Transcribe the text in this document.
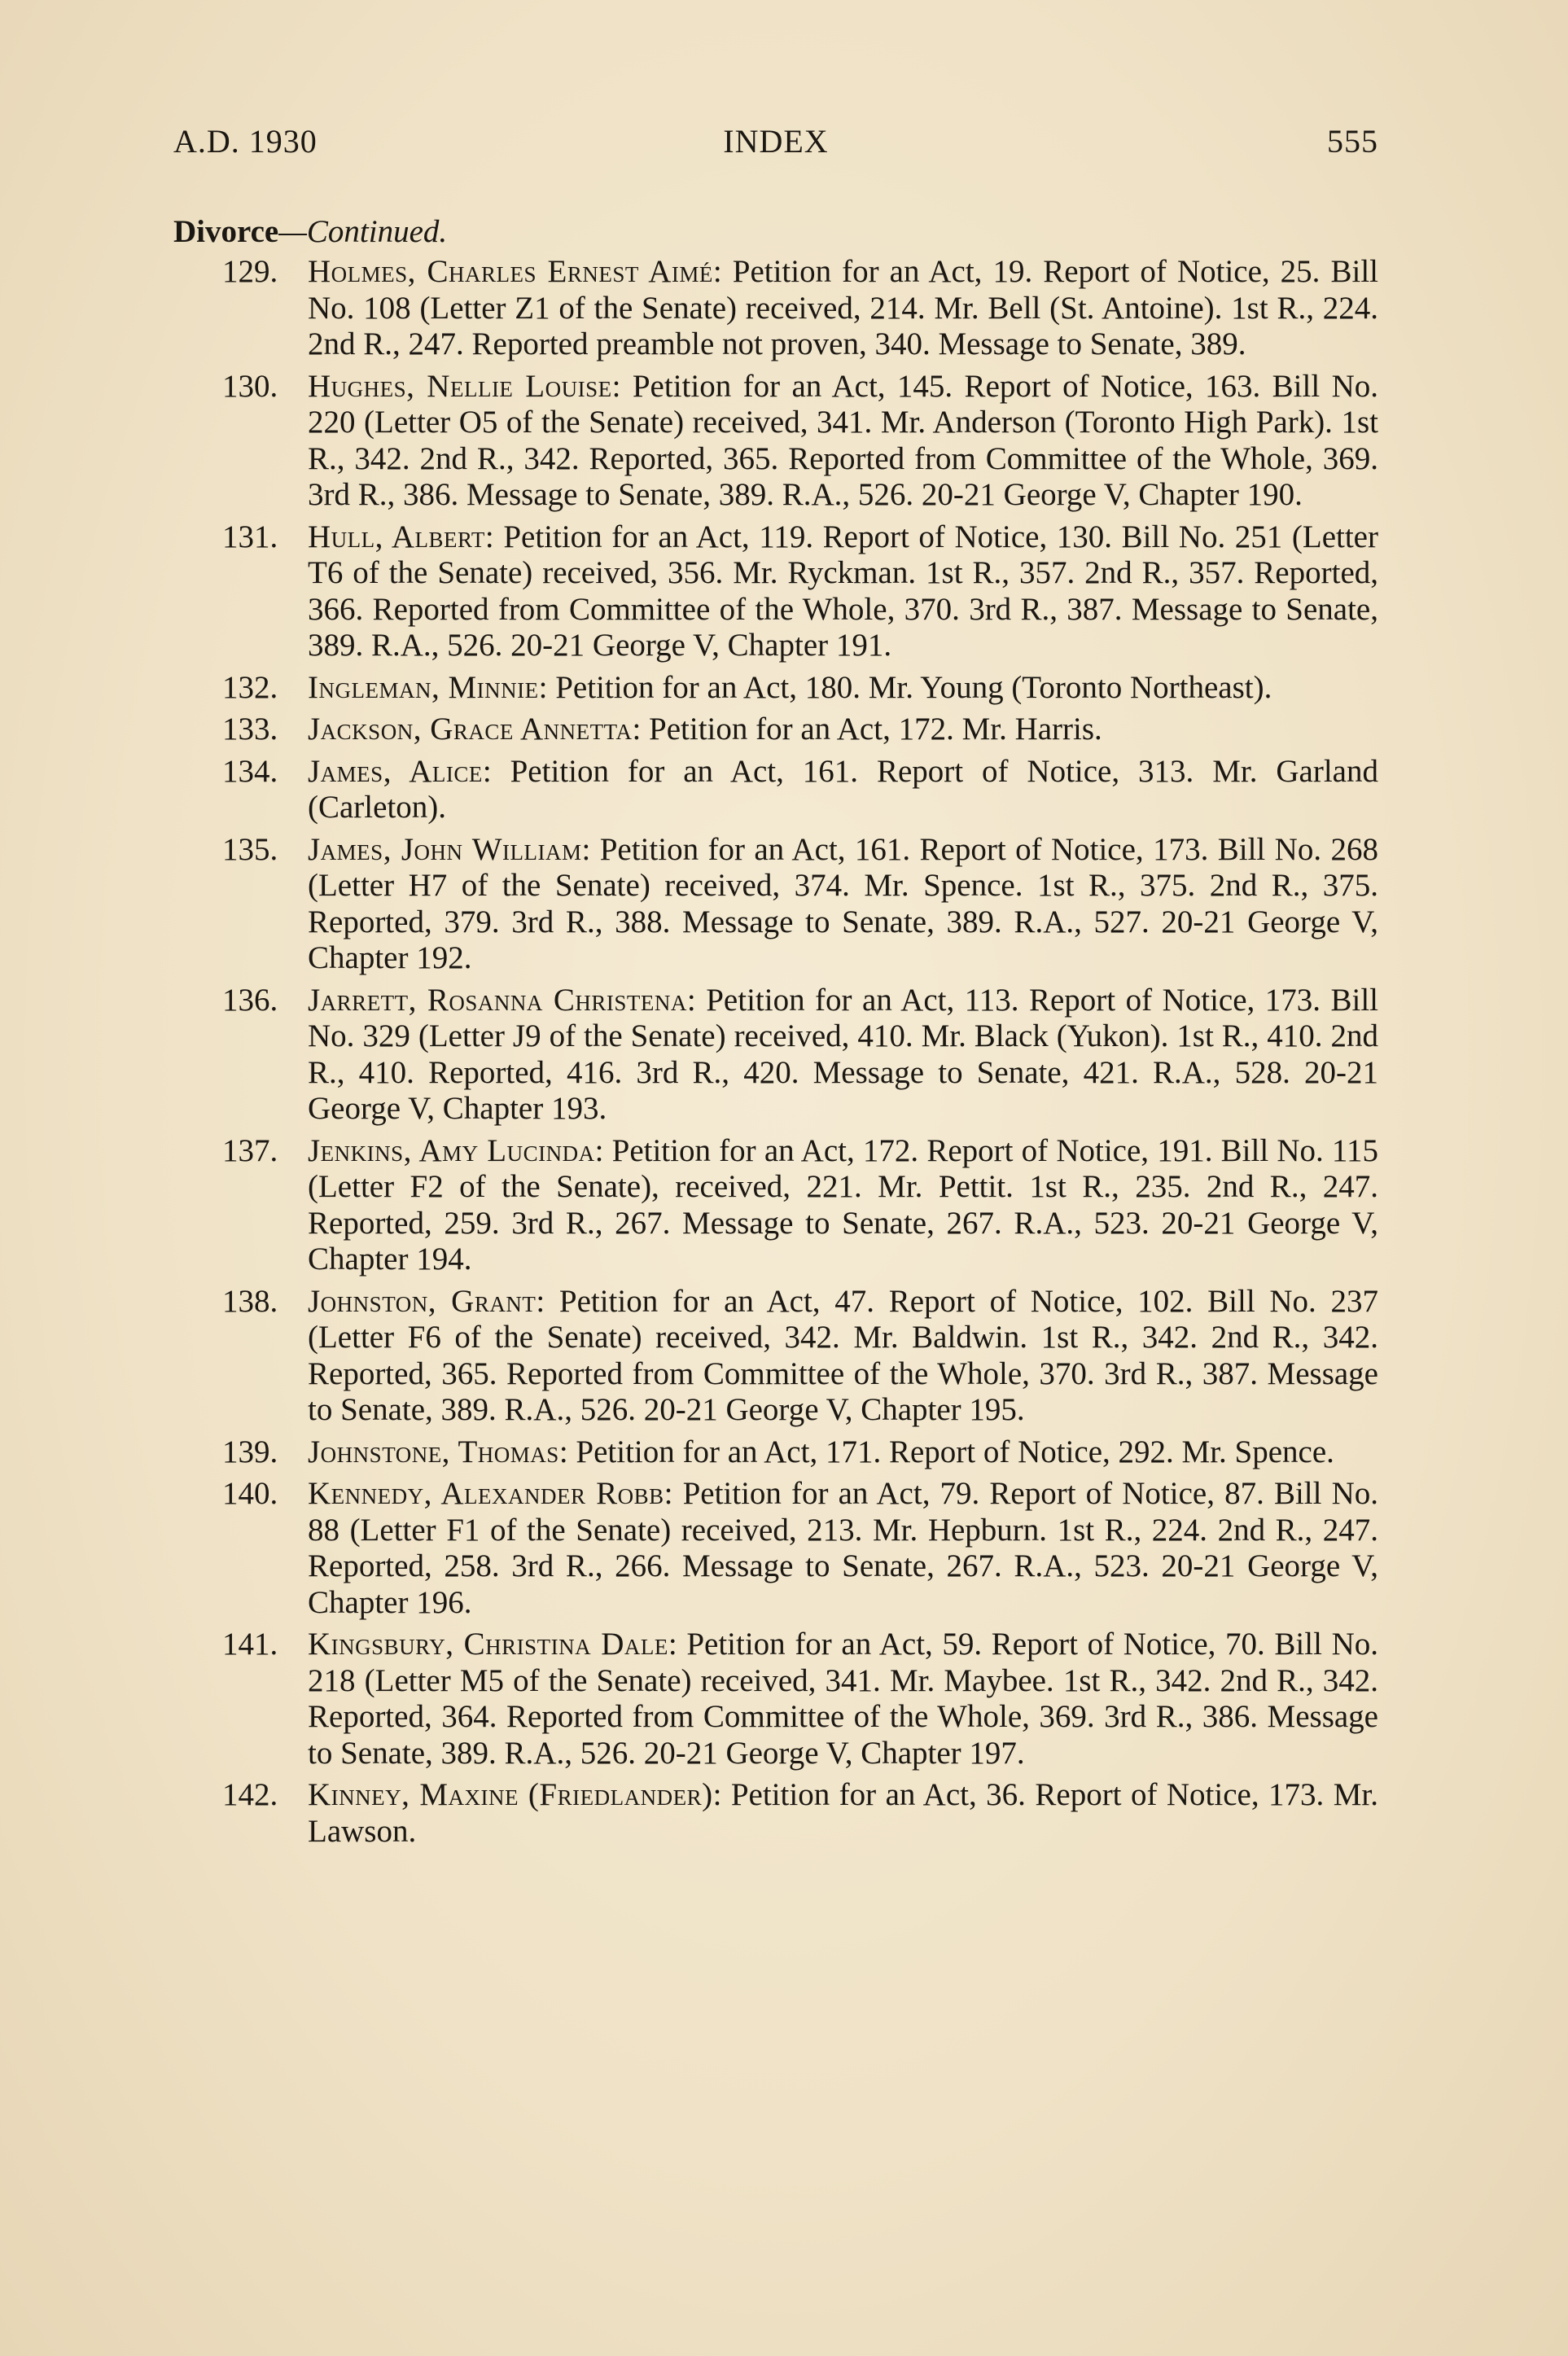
A.D. 1930	INDEX	555
Divorce—Continued.
129. Holmes, Charles Ernest Aimé: Petition for an Act, 19. Report of Notice, 25. Bill No. 108 (Letter Z1 of the Senate) received, 214. Mr. Bell (St. Antoine). 1st R., 224. 2nd R., 247. Reported preamble not proven, 340. Message to Senate, 389.
130. Hughes, Nellie Louise: Petition for an Act, 145. Report of Notice, 163. Bill No. 220 (Letter O5 of the Senate) received, 341. Mr. Anderson (Toronto High Park). 1st R., 342. 2nd R., 342. Reported, 365. Reported from Committee of the Whole, 369. 3rd R., 386. Message to Senate, 389. R.A., 526. 20-21 George V, Chapter 190.
131. Hull, Albert: Petition for an Act, 119. Report of Notice, 130. Bill No. 251 (Letter T6 of the Senate) received, 356. Mr. Ryckman. 1st R., 357. 2nd R., 357. Reported, 366. Reported from Committee of the Whole, 370. 3rd R., 387. Message to Senate, 389. R.A., 526. 20-21 George V, Chapter 191.
132. Ingleman, Minnie: Petition for an Act, 180. Mr. Young (Toronto Northeast).
133. Jackson, Grace Annetta: Petition for an Act, 172. Mr. Harris.
134. James, Alice: Petition for an Act, 161. Report of Notice, 313. Mr. Garland (Carleton).
135. James, John William: Petition for an Act, 161. Report of Notice, 173. Bill No. 268 (Letter H7 of the Senate) received, 374. Mr. Spence. 1st R., 375. 2nd R., 375. Reported, 379. 3rd R., 388. Message to Senate, 389. R.A., 527. 20-21 George V, Chapter 192.
136. Jarrett, Rosanna Christena: Petition for an Act, 113. Report of Notice, 173. Bill No. 329 (Letter J9 of the Senate) received, 410. Mr. Black (Yukon). 1st R., 410. 2nd R., 410. Reported, 416. 3rd R., 420. Message to Senate, 421. R.A., 528. 20-21 George V, Chapter 193.
137. Jenkins, Amy Lucinda: Petition for an Act, 172. Report of Notice, 191. Bill No. 115 (Letter F2 of the Senate), received, 221. Mr. Pettit. 1st R., 235. 2nd R., 247. Reported, 259. 3rd R., 267. Message to Senate, 267. R.A., 523. 20-21 George V, Chapter 194.
138. Johnston, Grant: Petition for an Act, 47. Report of Notice, 102. Bill No. 237 (Letter F6 of the Senate) received, 342. Mr. Baldwin. 1st R., 342. 2nd R., 342. Reported, 365. Reported from Committee of the Whole, 370. 3rd R., 387. Message to Senate, 389. R.A., 526. 20-21 George V, Chapter 195.
139. Johnstone, Thomas: Petition for an Act, 171. Report of Notice, 292. Mr. Spence.
140. Kennedy, Alexander Robb: Petition for an Act, 79. Report of Notice, 87. Bill No. 88 (Letter F1 of the Senate) received, 213. Mr. Hepburn. 1st R., 224. 2nd R., 247. Reported, 258. 3rd R., 266. Message to Senate, 267. R.A., 523. 20-21 George V, Chapter 196.
141. Kingsbury, Christina Dale: Petition for an Act, 59. Report of Notice, 70. Bill No. 218 (Letter M5 of the Senate) received, 341. Mr. Maybee. 1st R., 342. 2nd R., 342. Reported, 364. Reported from Committee of the Whole, 369. 3rd R., 386. Message to Senate, 389. R.A., 526. 20-21 George V, Chapter 197.
142. Kinney, Maxine (Friedlander): Petition for an Act, 36. Report of Notice, 173. Mr. Lawson.
